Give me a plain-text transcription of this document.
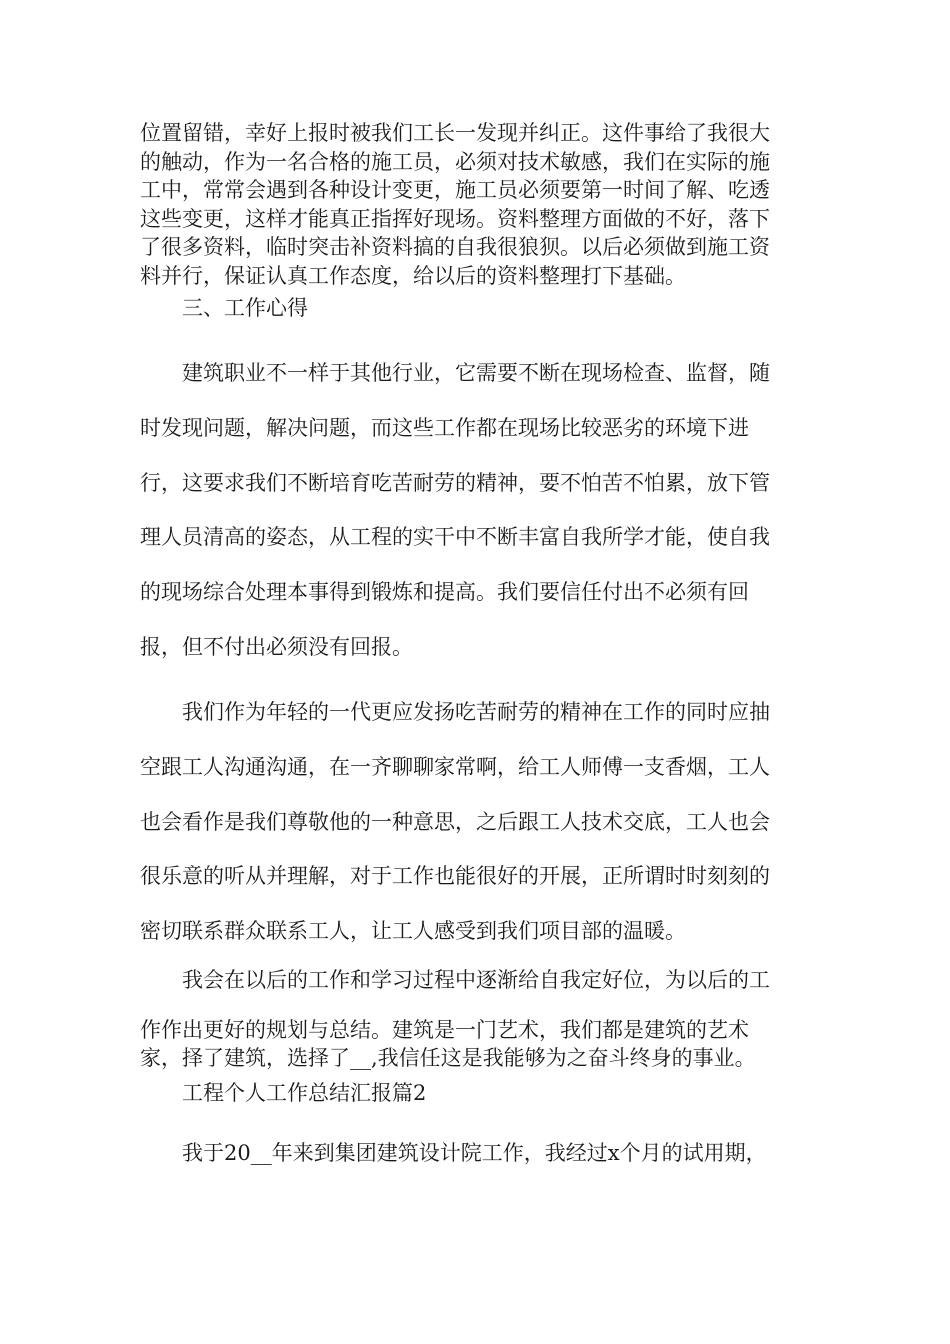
位置留错，幸好上报时被我们工长一发现并纠正。这件事给了我很大
的触动，作为一名合格的施工员，必须对技术敏感，我们在实际的施
工中，常常会遇到各种设计变更，施工员必须要第一时间了解、吃透
这些变更，这样才能真正指挥好现场。资料整理方面做的不好，落下
了很多资料，临时突击补资料搞的自我很狼狈。以后必须做到施工资
料并行，保证认真工作态度，给以后的资料整理打下基础。
三、工作心得
建筑职业不一样于其他行业，它需要不断在现场检查、监督，随
时发现问题，解决问题，而这些工作都在现场比较恶劣的环境下进
行，这要求我们不断培育吃苦耐劳的精神，要不怕苦不怕累，放下管
理人员清高的姿态，从工程的实干中不断丰富自我所学才能，使自我
的现场综合处理本事得到锻炼和提高。我们要信任付出不必须有回
报，但不付出必须没有回报。
我们作为年轻的一代更应发扬吃苦耐劳的精神在工作的同时应抽
空跟工人沟通沟通，在一齐聊聊家常啊，给工人师傅一支香烟，工人
也会看作是我们尊敬他的一种意思，之后跟工人技术交底，工人也会
很乐意的听从并理解，对于工作也能很好的开展，正所谓时时刻刻的
密切联系群众联系工人，让工人感受到我们项目部的温暖。
我会在以后的工作和学习过程中逐渐给自我定好位，为以后的工
作作出更好的规划与总结。建筑是一门艺术，我们都是建筑的艺术
家，择了建筑，选择了__,我信任这是我能够为之奋斗终身的事业。
工程个人工作总结汇报篇2
我于20__年来到集团建筑设计院工作，我经过x个月的试用期，
